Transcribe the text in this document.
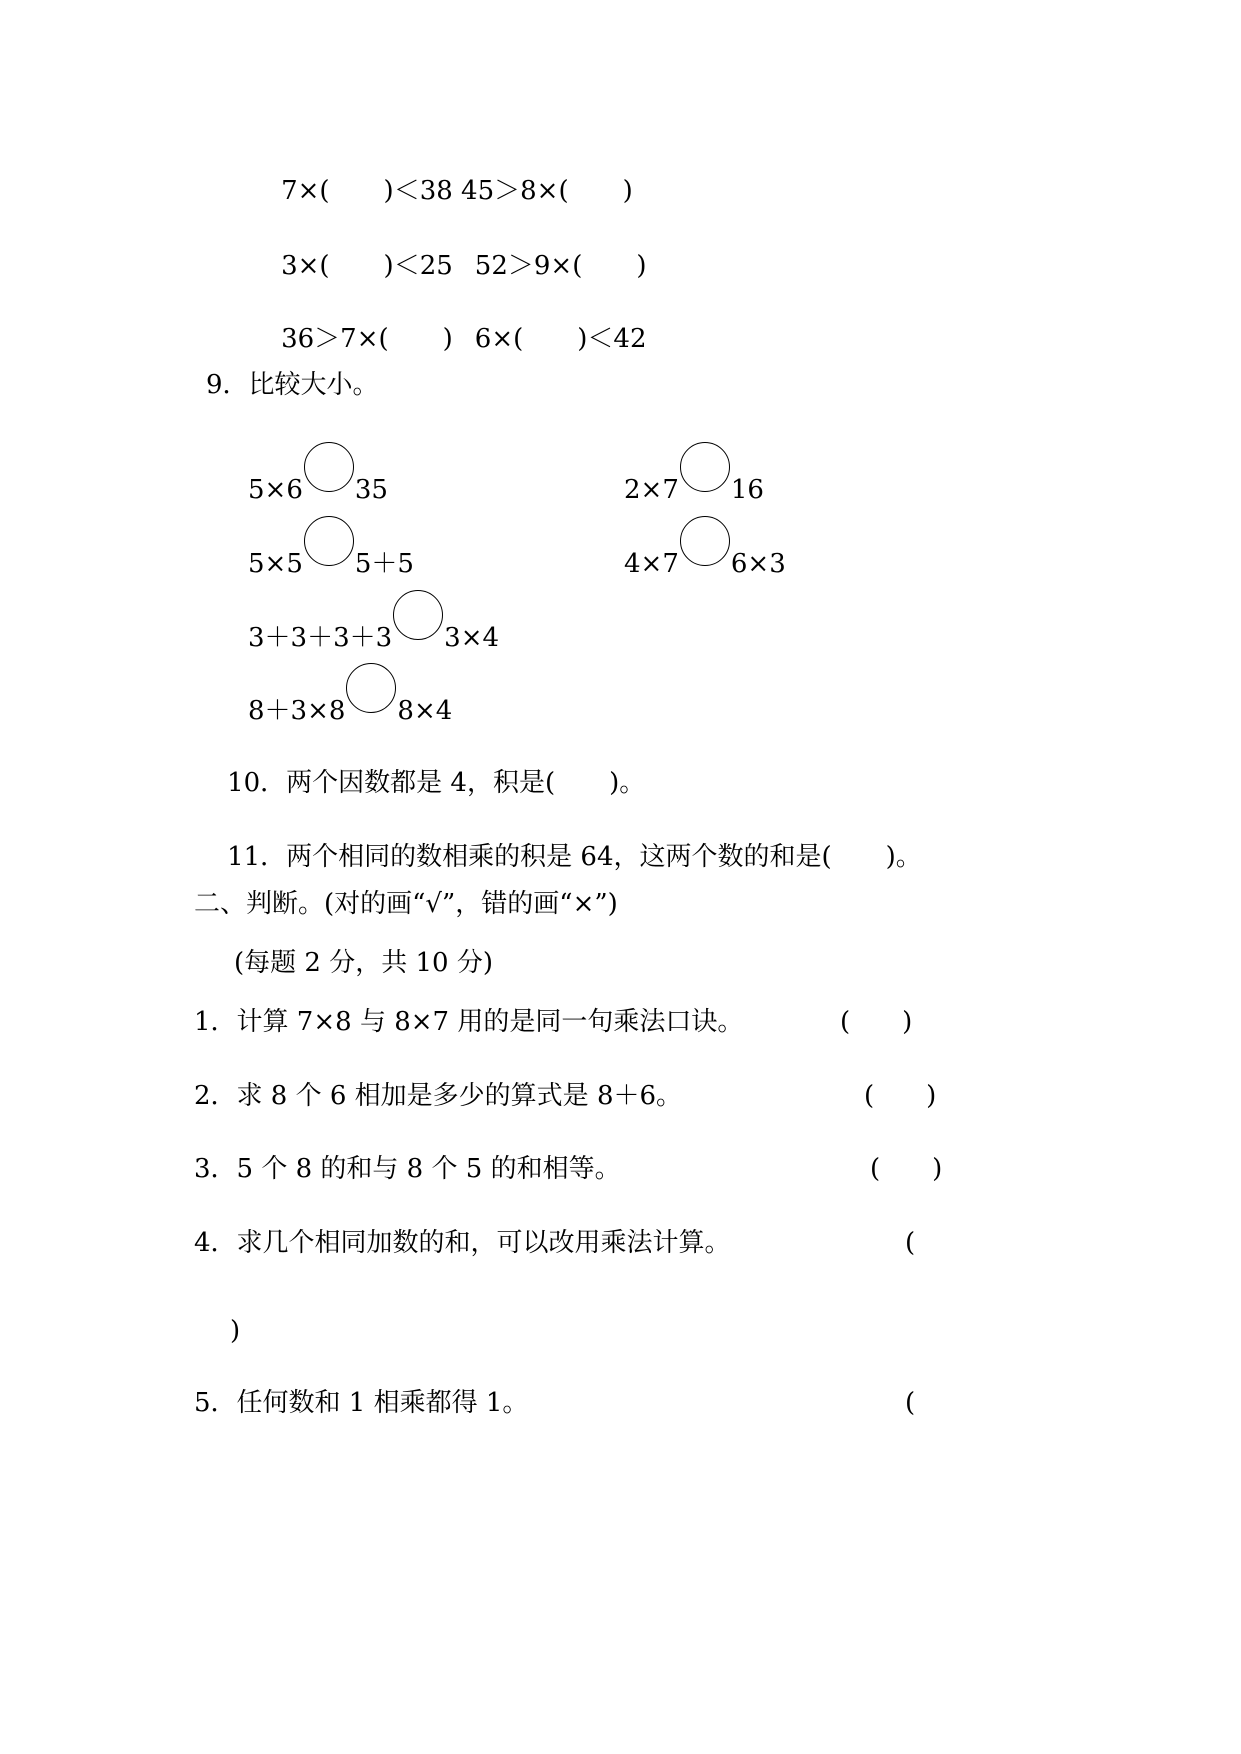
7×( )＜38 45＞8×( )

3×( )＜25 52＞9×( )

36＞7×( ) 6×( )＜42

9．比较大小。
5×6 35	2×7 16
5×5 5＋5	4×7 6×3
3＋3＋3＋3 3×4
8＋3×8 8×4

10．两个因数都是 4，积是( )。

11．两个相同的数相乘的积是 64，这两个数的和是( )。

二、判断。(对的画“√”，错的画“×”)
(每题 2 分，共 10 分)
1．计算 7×8 与 8×7 用的是同一句乘法口诀。	(　　)
2．求 8 个 6 相加是多少的算式是 8＋6。	(　　)
3．5 个 8 的和与 8 个 5 的和相等。	(　　)
4．求几个相同加数的和，可以改用乘法计算。	(
)
5．任何数和 1 相乘都得 1。	(
